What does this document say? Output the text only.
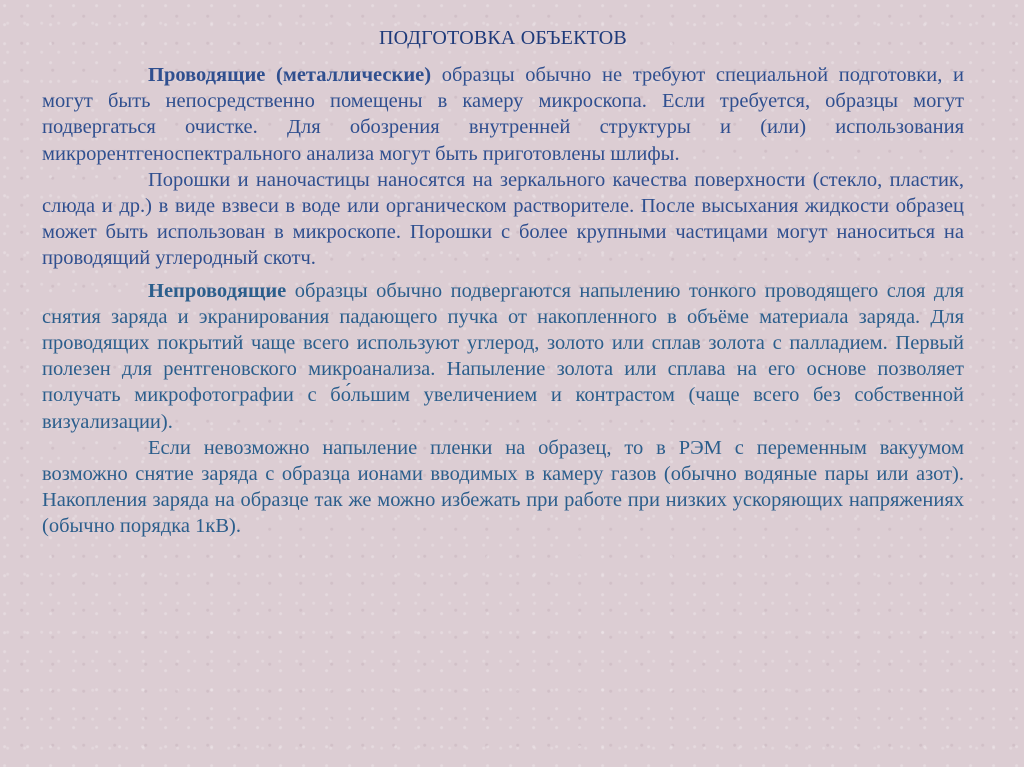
ПОДГОТОВКА ОБЪЕКТОВ

Проводящие (металлические) образцы обычно не требуют специальной подготовки, и могут быть непосредственно помещены в камеру микроскопа. Если требуется, образцы могут подвергаться очистке. Для обозрения внутренней структуры и (или) использования микрорентгеноспектрального анализа могут быть приготовлены шлифы.

Порошки и наночастицы наносятся на зеркального качества поверхности (стекло, пластик, слюда и др.) в виде взвеси в воде или органическом растворителе. После высыхания жидкости образец может быть использован в микроскопе. Порошки с более крупными частицами могут наноситься на проводящий углеродный скотч.

Непроводящие образцы обычно подвергаются напылению тонкого проводящего слоя для снятия заряда и экранирования падающего пучка от накопленного в объёме материала заряда. Для проводящих покрытий чаще всего используют углерод, золото или сплав золота с палладием. Первый полезен для рентгеновского микроанализа. Напыление золота или сплава на его основе позволяет получать микрофотографии с бо́льшим увеличением и контрастом (чаще всего без собственной визуализации).

Если невозможно напыление пленки на образец, то в РЭМ с переменным вакуумом возможно снятие заряда с образца ионами вводимых в камеру газов (обычно водяные пары или азот). Накопления заряда на образце так же можно избежать при работе при низких ускоряющих напряжениях (обычно порядка 1кВ).
